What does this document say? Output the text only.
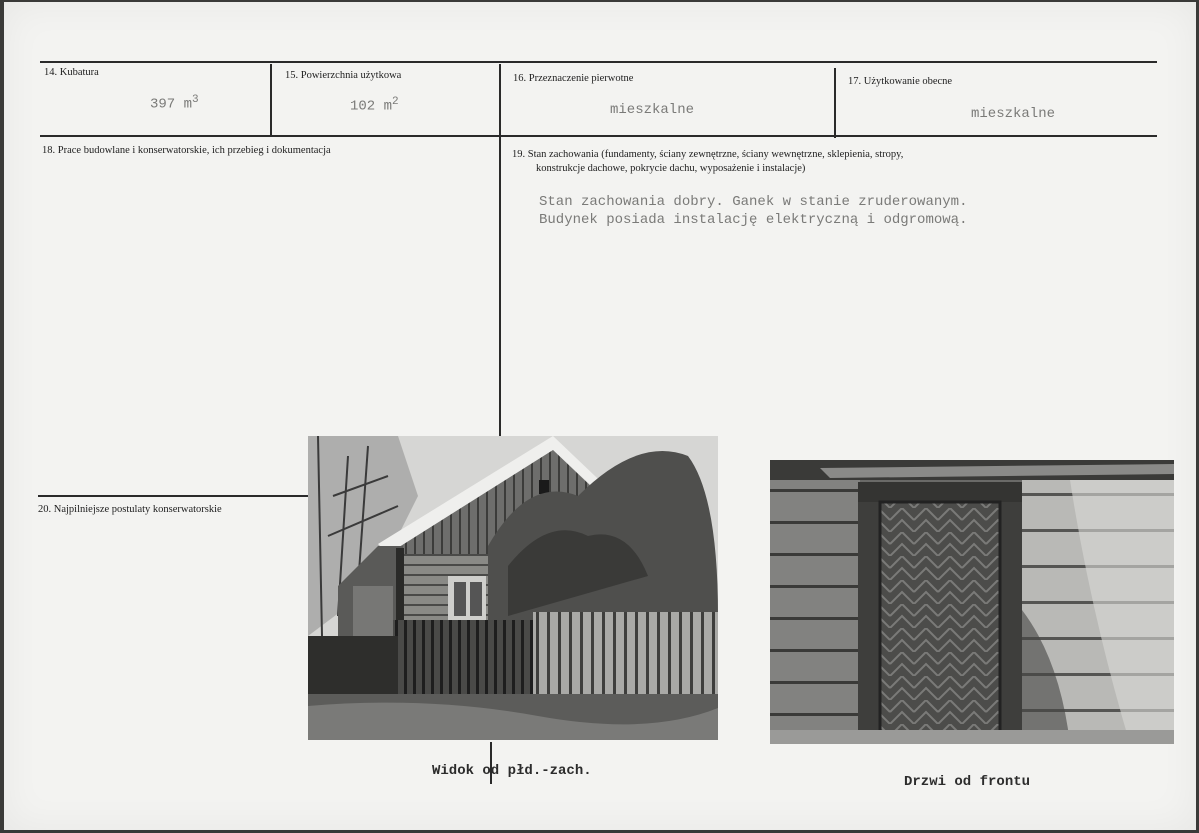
14. Kubatura
397 $m^3$
15. Powierzchnia użytkowa
102 $m^2$
16. Przeznaczenie pierwotne
mieszkalne
17. Użytkowanie obecne
mieszkalne
18. Prace budowlane i konserwatorskie, ich przebieg i dokumentacja	19. Stan zachowania (fundamenty, ściany zewnętrzne, ściany wewnętrzne, sklepienia, stropy,
konstrukcje dachowe, pokrycie dachu, wyposażenie i instalacje)
Stan zachowania dobry. Ganek w stanie zruderowanym.
Budynek posiada instalację elektryczną i odgromową.
20. Najpilniejsze postulaty konserwatorskie
Widok od płd.-zach.
Drzwi od frontu
